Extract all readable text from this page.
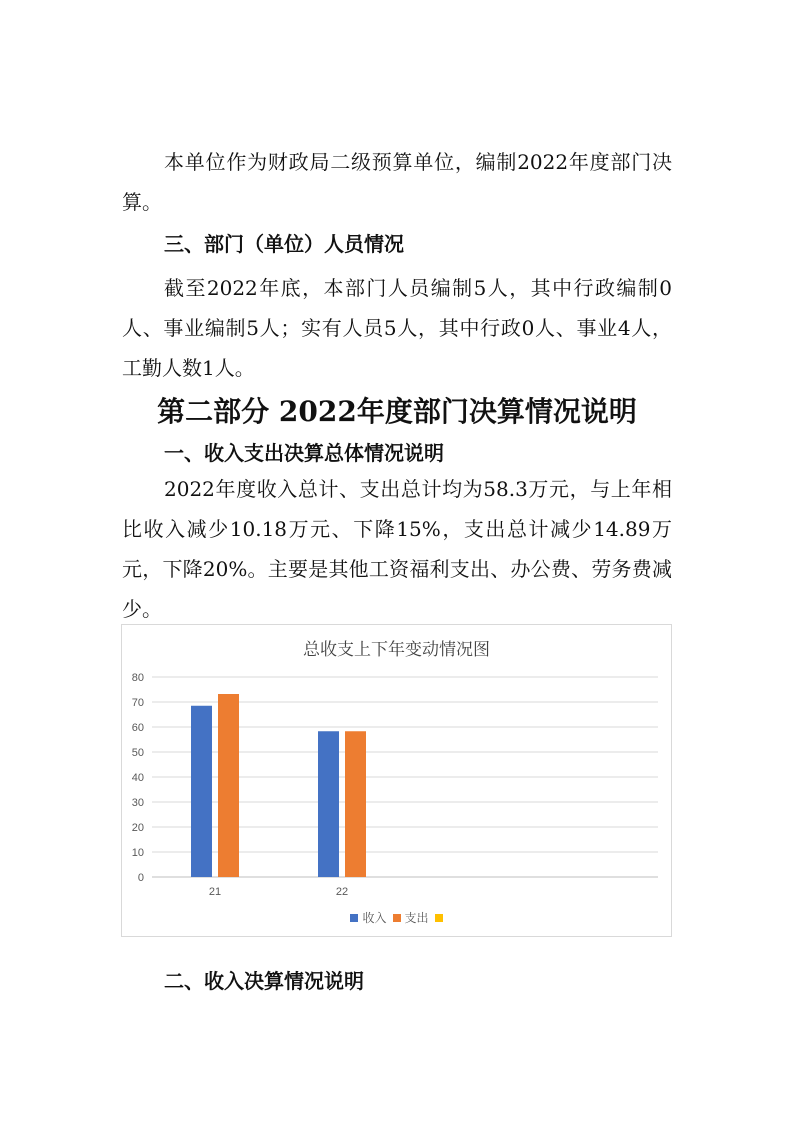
本单位作为财政局二级预算单位，编制2022年度部门决算。
三、部门（单位）人员情况
截至2022年底，本部门人员编制5人，其中行政编制0人、事业编制5人；实有人员5人，其中行政0人、事业4人，工勤人数1人。
第二部分 2022年度部门决算情况说明
一、收入支出决算总体情况说明
2022年度收入总计、支出总计均为58.3万元，与上年相比收入减少10.18万元、下降15%，支出总计减少14.89万元，下降20%。主要是其他工资福利支出、办公费、劳务费减少。
总收支上下年变动情况图
0
10
20
30
40
50
60
70
80
21	22
收入 支出
二、收入决算情况说明
